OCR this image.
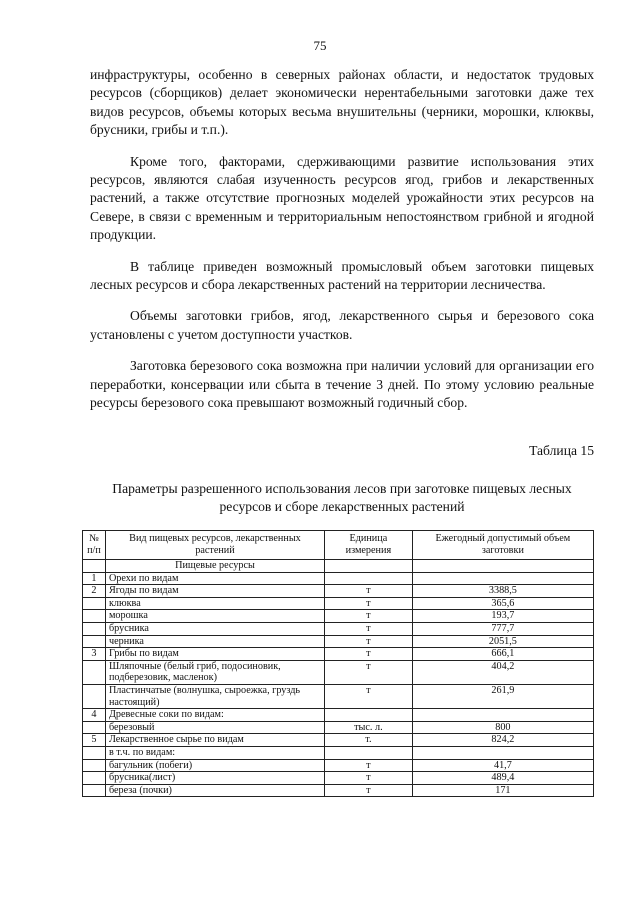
75

инфраструктуры, особенно в северных районах области, и недостаток трудовых ресурсов (сборщиков) делает экономически нерентабельными заготовки даже тех видов ресурсов, объемы которых весьма внушительны (черники, морошки, клюквы, брусники, грибы и т.п.).

Кроме того, факторами, сдерживающими развитие использования этих ресурсов, являются слабая изученность ресурсов ягод, грибов и лекарственных растений, а также отсутствие прогнозных моделей урожайности этих ресурсов на Севере, в связи с временным и территориальным непостоянством грибной и ягодной продукции.

В таблице приведен возможный промысловый объем заготовки пищевых лесных ресурсов и сбора лекарственных растений на территории лесничества.

Объемы заготовки грибов, ягод, лекарственного сырья и березового сока установлены с учетом доступности участков.

Заготовка березового сока возможна при наличии условий для организации его переработки, консервации или сбыта в течение 3 дней. По этому условию реальные ресурсы березового сока превышают возможный годичный сбор.

Таблица 15
Параметры разрешенного использования лесов при заготовке пищевых лесных ресурсов и сборе лекарственных растений
№ п/п	Вид пищевых ресурсов, лекарственных растений	Единица измерения	Ежегодный допустимый объем заготовки
	Пищевые ресурсы		
1	Орехи по видам		
2	Ягоды по видам	т	3388,5
	клюква	т	365,6
	морошка	т	193,7
	брусника	т	777,7
	черника	т	2051,5
3	Грибы по видам	т	666,1
	Шляпочные (белый гриб, подосиновик, подберезовик, масленок)	т	404,2
	Пластинчатые (волнушка, сыроежка, груздь настоящий)	т	261,9
4	Древесные соки по видам:		
	березовый	тыс. л.	800
5	Лекарственное сырье по видам	т.	824,2
	в т.ч. по видам:		
	багульник (побеги)	т	41,7
	брусника(лист)	т	489,4
	береза (почки)	т	171
